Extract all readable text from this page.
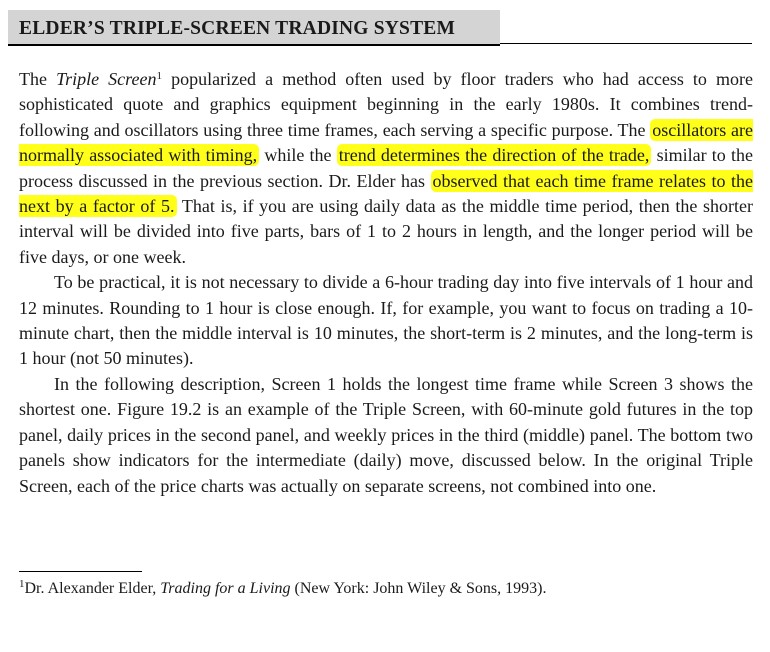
ELDER’S TRIPLE-SCREEN TRADING SYSTEM

The Triple Screen$^1$ popularized a method often used by floor traders who had access to more sophisticated quote and graphics equipment beginning in the early 1980s. It combines trend-following and oscillators using three time frames, each serving a specific purpose. The oscillators are normally associated with timing, while the trend determines the direction of the trade, similar to the process discussed in the previous section. Dr. Elder has observed that each time frame relates to the next by a factor of 5. That is, if you are using daily data as the middle time period, then the shorter interval will be divided into five parts, bars of 1 to 2 hours in length, and the longer period will be five days, or one week.

To be practical, it is not necessary to divide a 6-hour trading day into five intervals of 1 hour and 12 minutes. Rounding to 1 hour is close enough. If, for example, you want to focus on trading a 10-minute chart, then the middle interval is 10 minutes, the short-term is 2 minutes, and the long-term is 1 hour (not 50 minutes).

In the following description, Screen 1 holds the longest time frame while Screen 3 shows the shortest one. Figure 19.2 is an example of the Triple Screen, with 60-minute gold futures in the top panel, daily prices in the second panel, and weekly prices in the third (middle) panel. The bottom two panels show indicators for the intermediate (daily) move, discussed below. In the original Triple Screen, each of the price charts was actually on separate screens, not combined into one.

$^1$Dr. Alexander Elder, Trading for a Living (New York: John Wiley & Sons, 1993).
